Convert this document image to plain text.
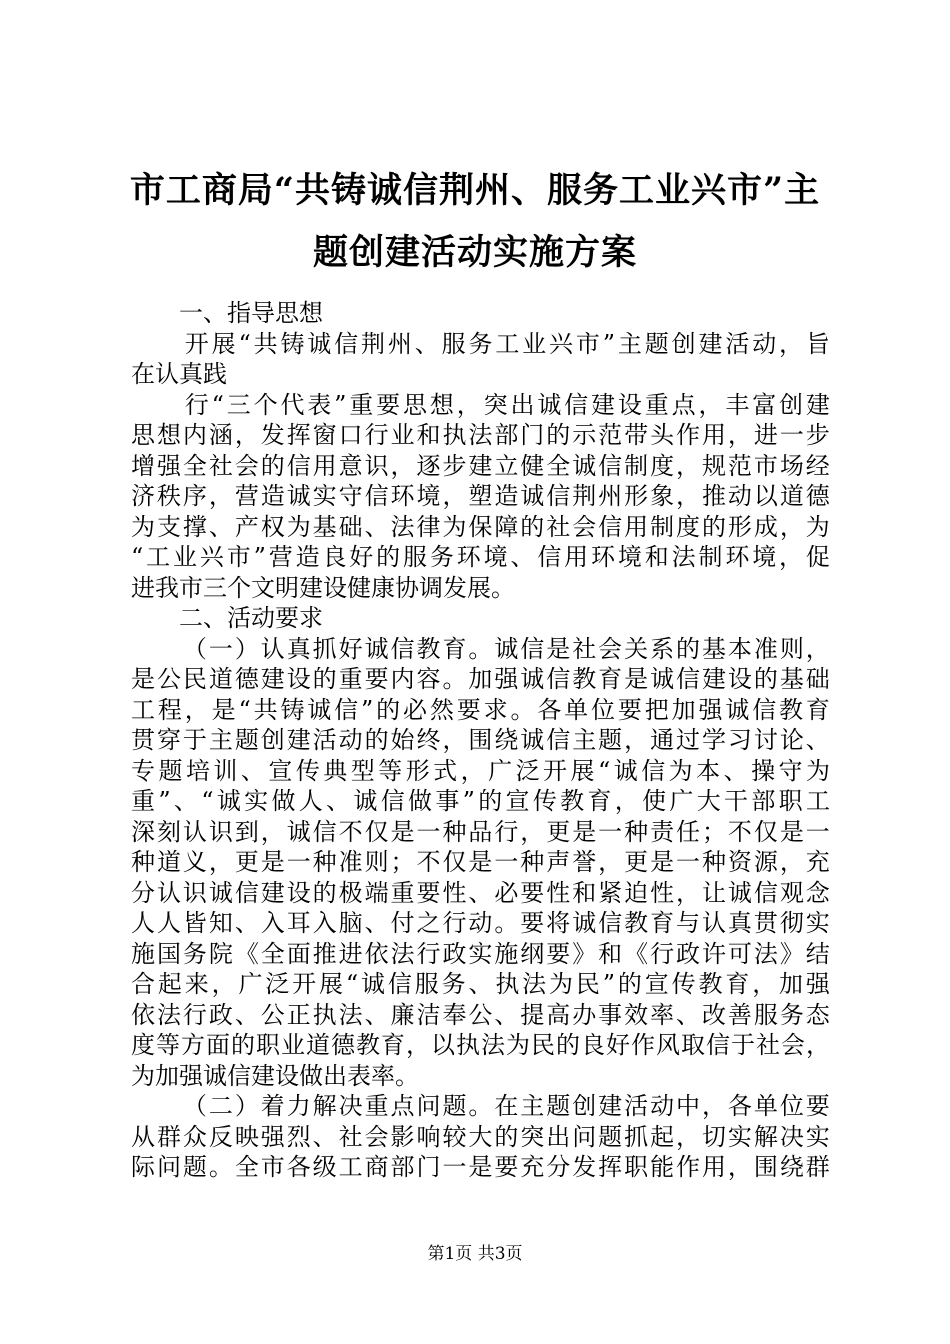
市工商局“共铸诚信荆州、服务工业兴市”主
题创建活动实施方案
　　一、指导思想

开 展 “ 共 铸 诚 信 荆 州 、 服 务 工 业 兴 市 ” 主 题 创 建 活 动 ， 旨
在认真践

行 “ 三 个 代 表 ” 重 要 思 想 ， 突 出 诚 信 建 设 重 点 ， 丰 富 创 建
思 想 内 涵 ， 发 挥 窗 口 行 业 和 执 法 部 门 的 示 范 带 头 作 用 ， 进 一 步
增 强 全 社 会 的 信 用 意 识 ， 逐 步 建 立 健 全 诚 信 制 度 ， 规 范 市 场 经
济 秩 序 ， 营 造 诚 实 守 信 环 境 ， 塑 造 诚 信 荆 州 形 象 ， 推 动 以 道 德
为 支 撑 、 产 权 为 基 础 、 法 律 为 保 障 的 社 会 信 用 制 度 的 形 成 ， 为
“ 工 业 兴 市 ” 营 造 良 好 的 服 务 环 境 、 信 用 环 境 和 法 制 环 境 ， 促
进我市三个文明建设健康协调发展。
　　二、活动要求

（ 一 ） 认 真 抓 好 诚 信 教 育 。 诚 信 是 社 会 关 系 的 基 本 准 则 ，
是 公 民 道 德 建 设 的 重 要 内 容 。 加 强 诚 信 教 育 是 诚 信 建 设 的 基 础
工 程 ， 是 “ 共 铸 诚 信 ” 的 必 然 要 求 。 各 单 位 要 把 加 强 诚 信 教 育
贯 穿 于 主 题 创 建 活 动 的 始 终 ， 围 绕 诚 信 主 题 ， 通 过 学 习 讨 论 、
专 题 培 训 、 宣 传 典 型 等 形 式 ， 广 泛 开 展 “ 诚 信 为 本 、 操 守 为
重 ” 、 “ 诚 实 做 人 、 诚 信 做 事 ” 的 宣 传 教 育 ， 使 广 大 干 部 职 工
深 刻 认 识 到 ， 诚 信 不 仅 是 一 种 品 行 ， 更 是 一 种 责 任 ； 不 仅 是 一
种 道 义 ， 更 是 一 种 准 则 ； 不 仅 是 一 种 声 誉 ， 更 是 一 种 资 源 ， 充
分 认 识 诚 信 建 设 的 极 端 重 要 性 、 必 要 性 和 紧 迫 性 ， 让 诚 信 观 念
人 人 皆 知 、 入 耳 入 脑 、 付 之 行 动 。 要 将 诚 信 教 育 与 认 真 贯 彻 实
施 国 务 院 《 全 面 推 进 依 法 行 政 实 施 纲 要 》 和 《 行 政 许 可 法 》 结
合 起 来 ， 广 泛 开 展 “ 诚 信 服 务 、 执 法 为 民 ” 的 宣 传 教 育 ， 加 强
依 法 行 政 、 公 正 执 法 、 廉 洁 奉 公 、 提 高 办 事 效 率 、 改 善 服 务 态
度 等 方 面 的 职 业 道 德 教 育 ， 以 执 法 为 民 的 良 好 作 风 取 信 于 社 会 ，
为加强诚信建设做出表率。

（ 二 ） 着 力 解 决 重 点 问 题 。 在 主 题 创 建 活 动 中 ， 各 单 位 要
从 群 众 反 映 强 烈 、 社 会 影 响 较 大 的 突 出 问 题 抓 起 ， 切 实 解 决 实
际 问 题 。 全 市 各 级 工 商 部 门 一 是 要 充 分 发 挥 职 能 作 用 ， 围 绕 群
第1页 共3页
